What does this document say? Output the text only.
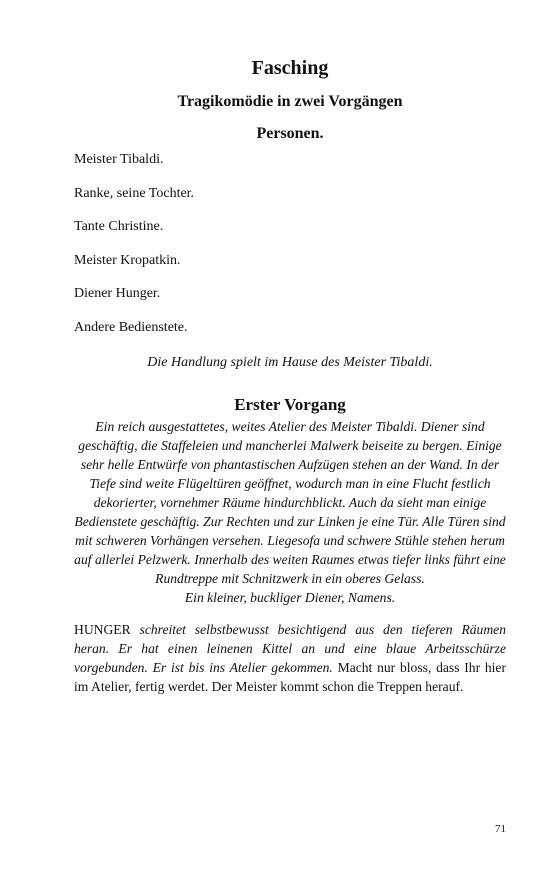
Fasching
Tragikomödie in zwei Vorgängen
Personen.
Meister Tibaldi.
Ranke, seine Tochter.
Tante Christine.
Meister Kropatkin.
Diener Hunger.
Andere Bedienstete.
Die Handlung spielt im Hause des Meister Tibaldi.
Erster Vorgang

Ein reich ausgestattetes, weites Atelier des Meister Tibaldi. Diener sind geschäftig, die Staffeleien und mancherlei Malwerk beiseite zu bergen. Einige sehr helle Entwürfe von phantastischen Aufzügen stehen an der Wand. In der Tiefe sind weite Flügeltüren geöffnet, wodurch man in eine Flucht festlich dekorierter, vornehmer Räume hindurchblickt. Auch da sieht man einige Bedienstete geschäftig. Zur Rechten und zur Linken je eine Tür. Alle Türen sind mit schweren Vorhängen versehen. Liegesofa und schwere Stühle stehen herum auf allerlei Pelzwerk. Innerhalb des weiten Raumes etwas tiefer links führt eine Rundtreppe mit Schnitzwerk in ein oberes Gelass.
Ein kleiner, buckliger Diener, Namens.

HUNGER schreitet selbstbewusst besichtigend aus den tieferen Räumen heran. Er hat einen leinenen Kittel an und eine blaue Arbeitsschürze vorgebunden. Er ist bis ins Atelier gekommen. Macht nur bloss, dass Ihr hier im Atelier, fertig werdet. Der Meister kommt schon die Treppen herauf.

71
